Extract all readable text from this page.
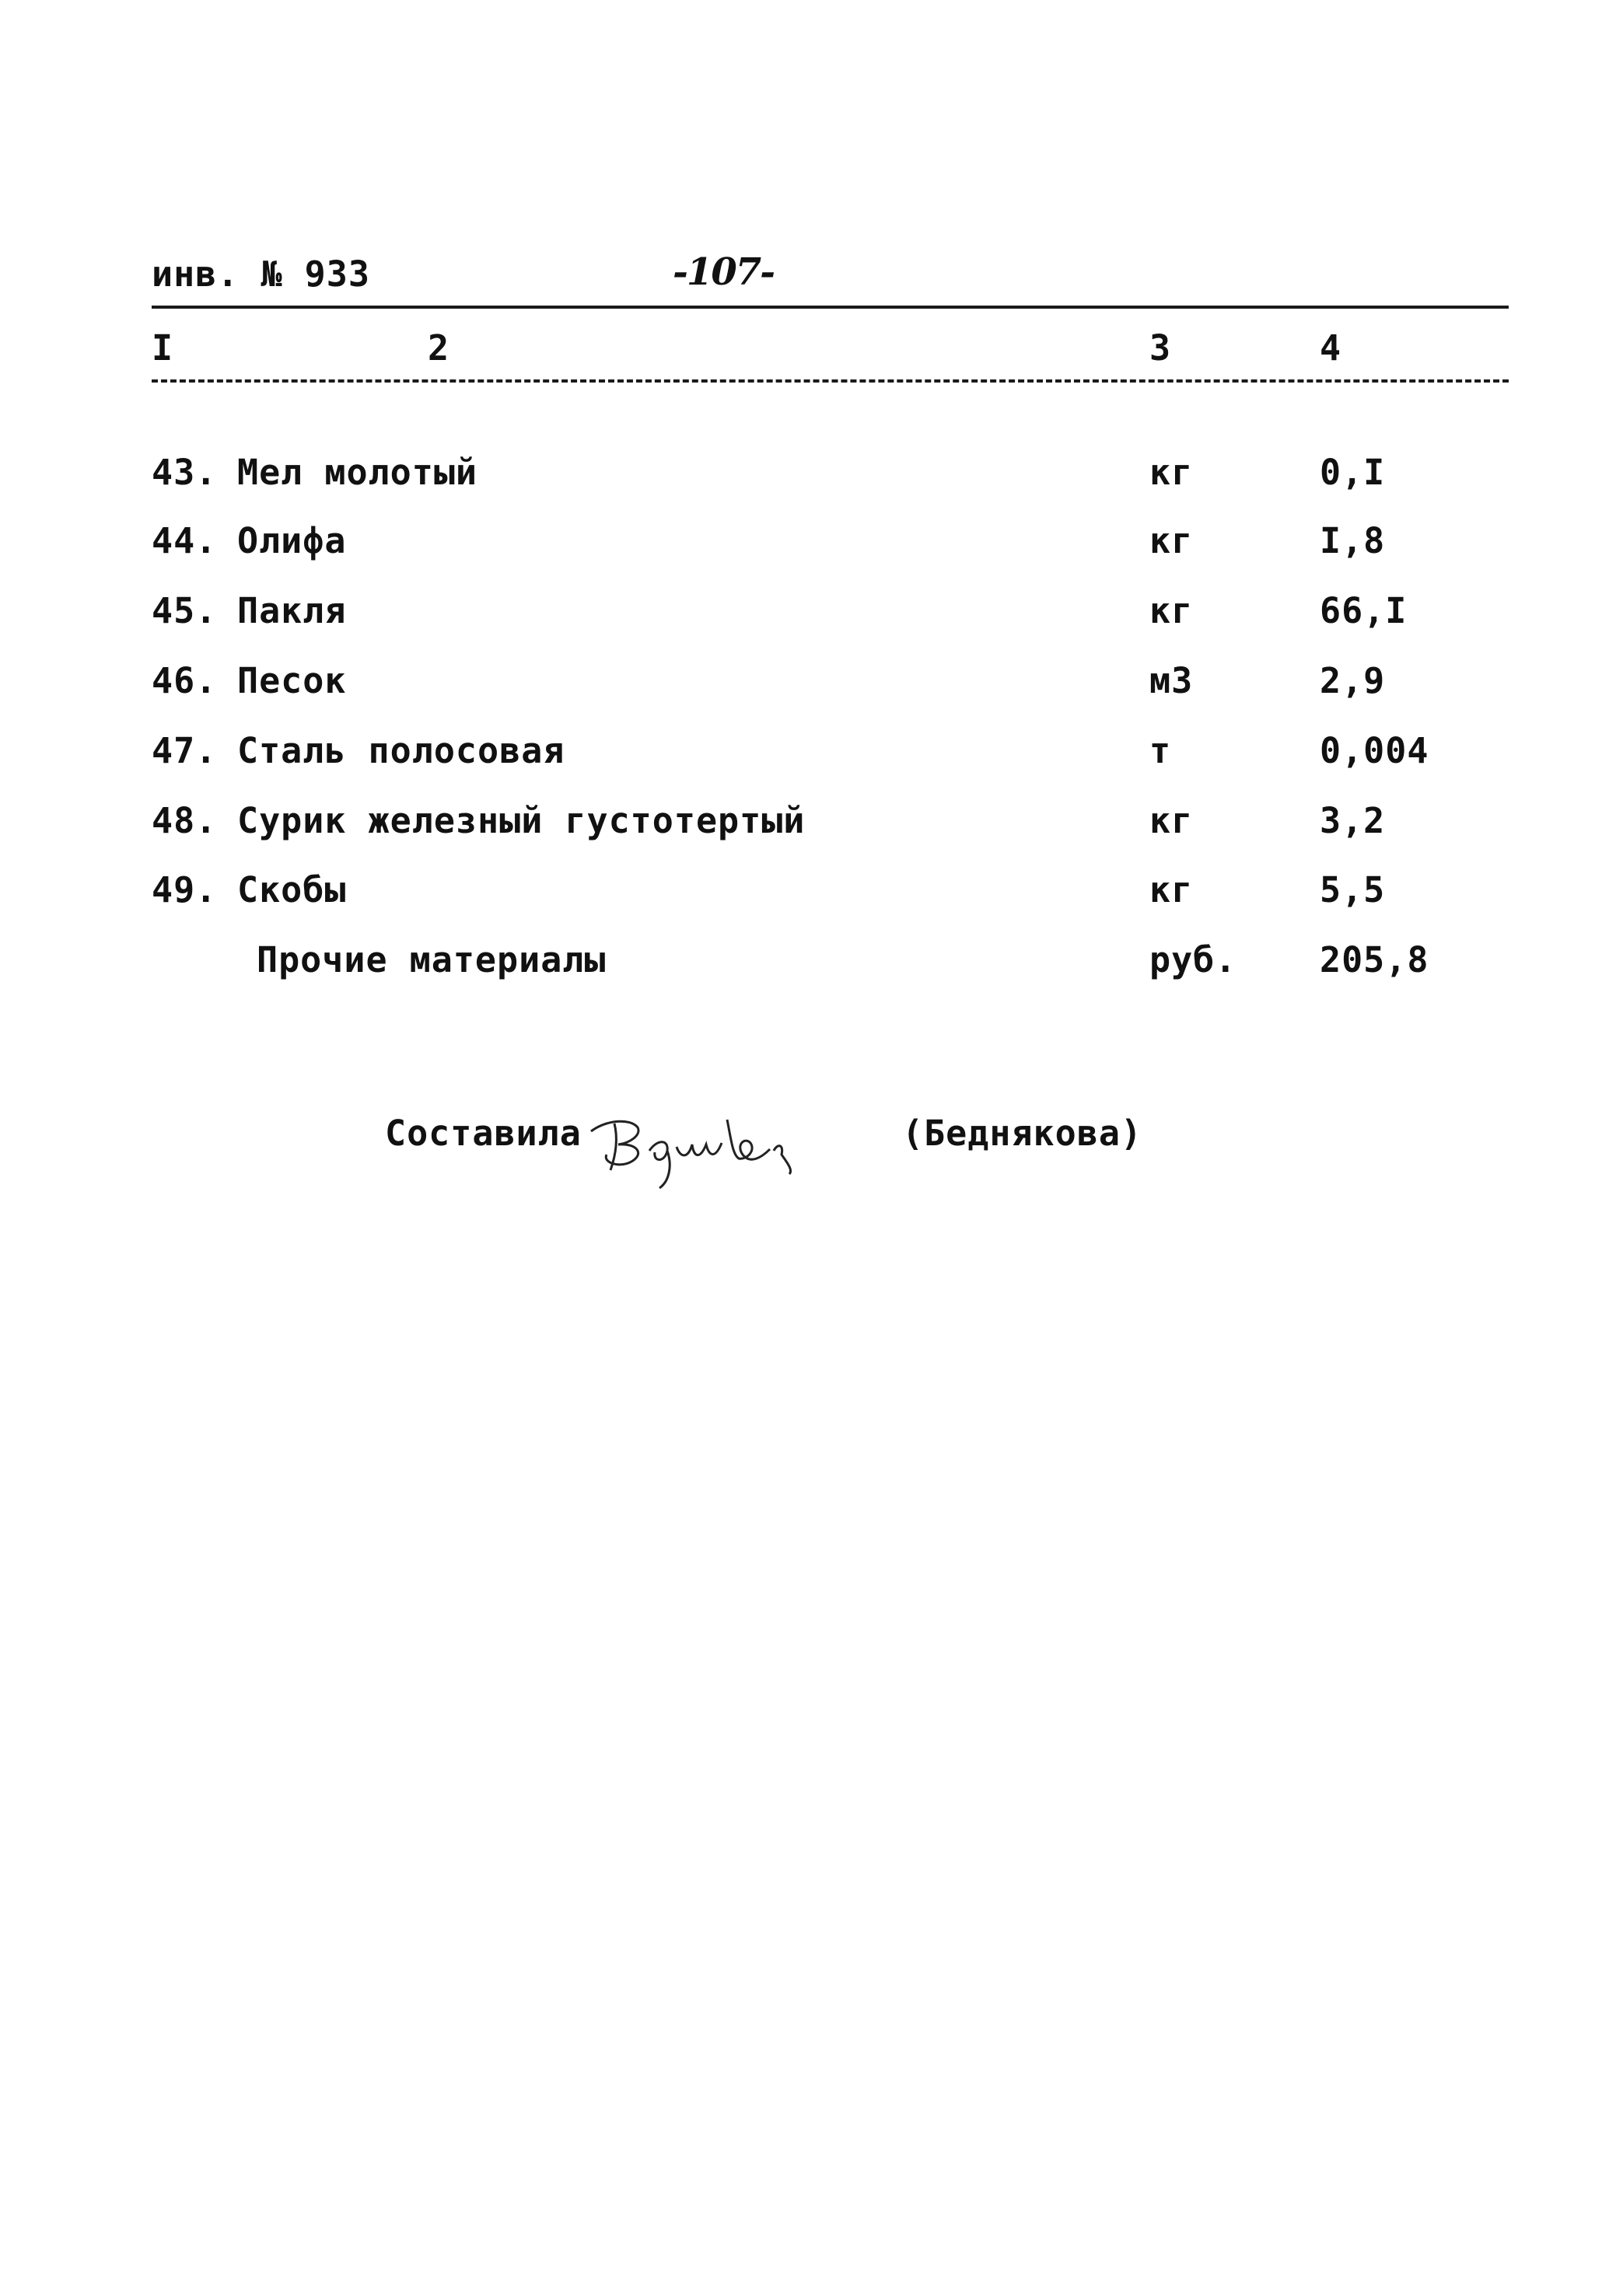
инв. № 933	-107-
I	2	3	4
43. Мел молотый	кг	0,I
44. Олифа	кг	I,8
45. Пакля	кг	66,I
46. Песок	м3	2,9
47. Сталь полосовая	т	0,004
48. Сурик железный густотертый	кг	3,2
49. Скобы	кг	5,5
Прочие материалы	руб. 205,8
Составила	(Беднякова)
